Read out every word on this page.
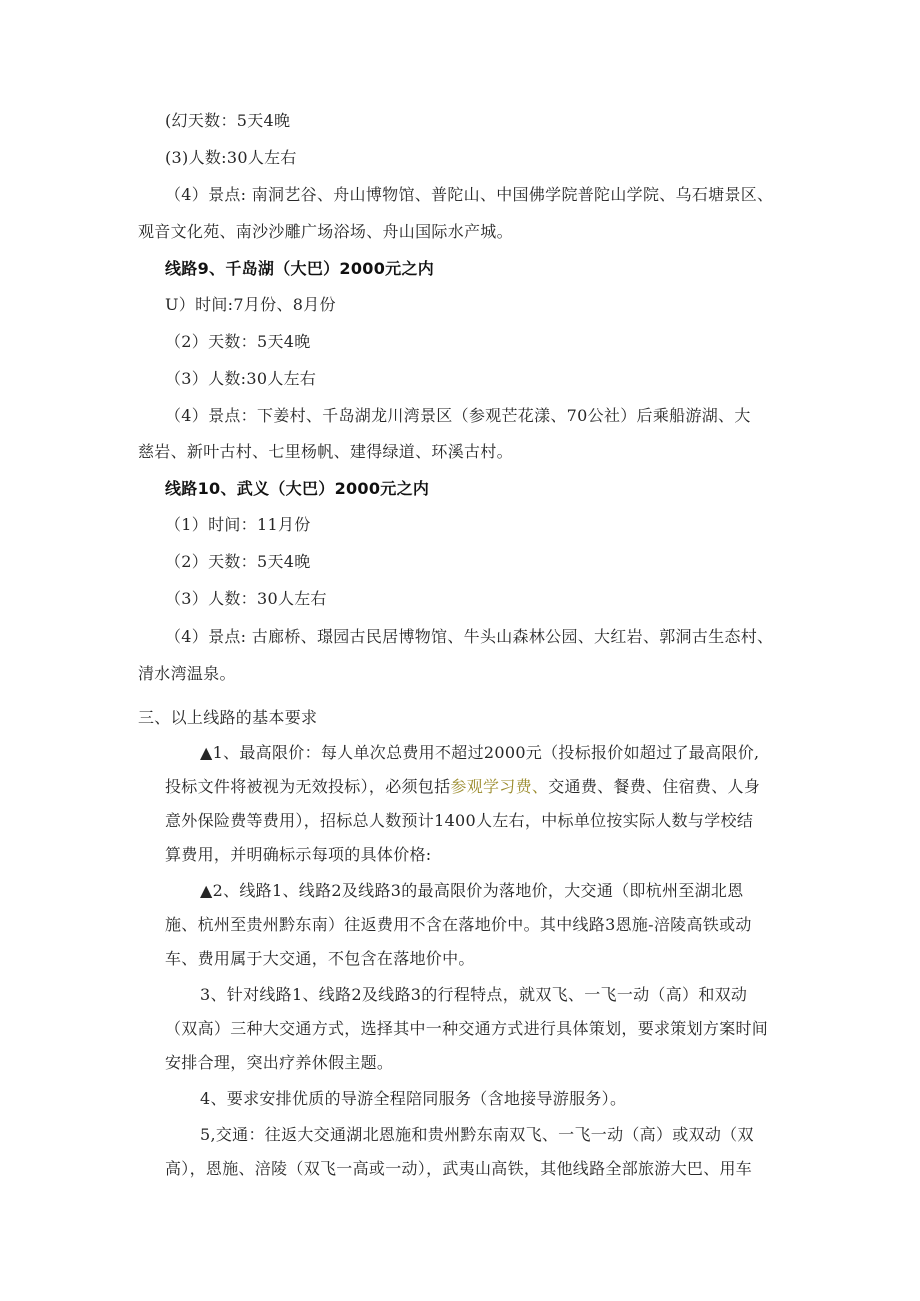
(幻天数：5天4晚
(3)人数:30人左右
（4）景点: 南洞艺谷、舟山博物馆、普陀山、中国佛学院普陀山学院、乌石塘景区、
观音文化苑、南沙沙雕广场浴场、舟山国际水产城。
线路9、千岛湖（大巴）2000元之内
U）时间:7月份、8月份
（2）天数：5天4晚
（3）人数:30人左右
（4）景点：下姜村、千岛湖龙川湾景区（参观芒花漾、70公社）后乘船游湖、大
慈岩、新叶古村、七里杨帆、建得绿道、环溪古村。
线路10、武义（大巴）2000元之内
（1）时间：11月份
（2）天数：5天4晚
（3）人数：30人左右
（4）景点: 古廊桥、璟园古民居博物馆、牛头山森林公园、大红岩、郭洞古生态村、
清水湾温泉。
三、以上线路的基本要求
▲1、最高限价：每人单次总费用不超过2000元（投标报价如超过了最高限价,
投标文件将被视为无效投标），必须包括参观学习费、交通费、餐费、住宿费、人身
意外保险费等费用），招标总人数预计1400人左右，中标单位按实际人数与学校结
算费用，并明确标示每项的具体价格:
▲2、线路1、线路2及线路3的最高限价为落地价，大交通（即杭州至湖北恩
施、杭州至贵州黔东南）往返费用不含在落地价中。其中线路3恩施-涪陵高铁或动
车、费用属于大交通，不包含在落地价中。
3、针对线路1、线路2及线路3的行程特点，就双飞、一飞一动（高）和双动
（双高）三种大交通方式，选择其中一种交通方式进行具体策划，要求策划方案时间
安排合理，突出疗养休假主题。
4、要求安排优质的导游全程陪同服务（含地接导游服务）。
5,交通：往返大交通湖北恩施和贵州黔东南双飞、一飞一动（高）或双动（双
高），恩施、涪陵（双飞一高或一动），武夷山高铁，其他线路全部旅游大巴、用车
